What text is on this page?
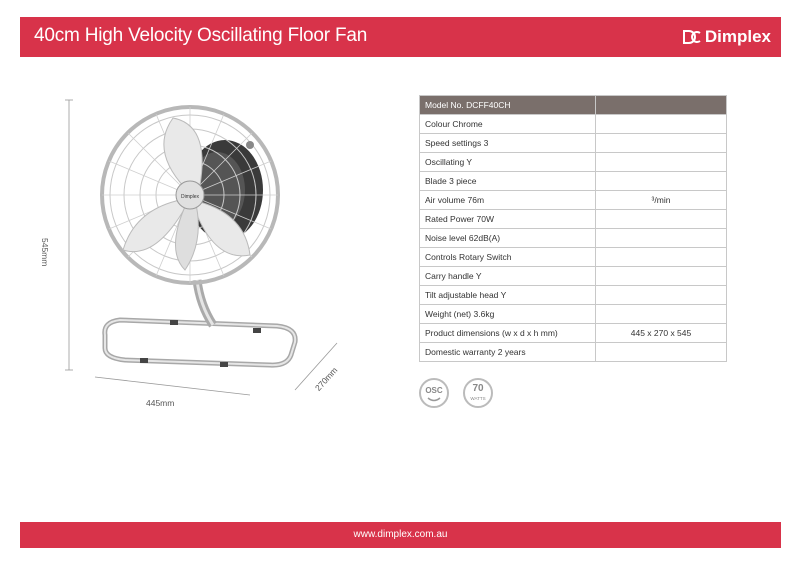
40cm High Velocity Oscillating Floor Fan	Dimplex
Dimplex
545mm
445mm
270mm
Model No. DCFF40CH	
Colour Chrome	
Speed settings 3	
Oscillating Y	
Blade 3 piece	
Air volume 76m	³/min
Rated Power 70W	
Noise level 62dB(A)	
Controls Rotary Switch	
Carry handle Y	
Tilt adjustable head Y	
Weight (net) 3.6kg	
Product dimensions (w x d x h mm)	445 x 270 x 545
Domestic warranty 2 years	
OSC	70
WATTS
www.dimplex.com.au
